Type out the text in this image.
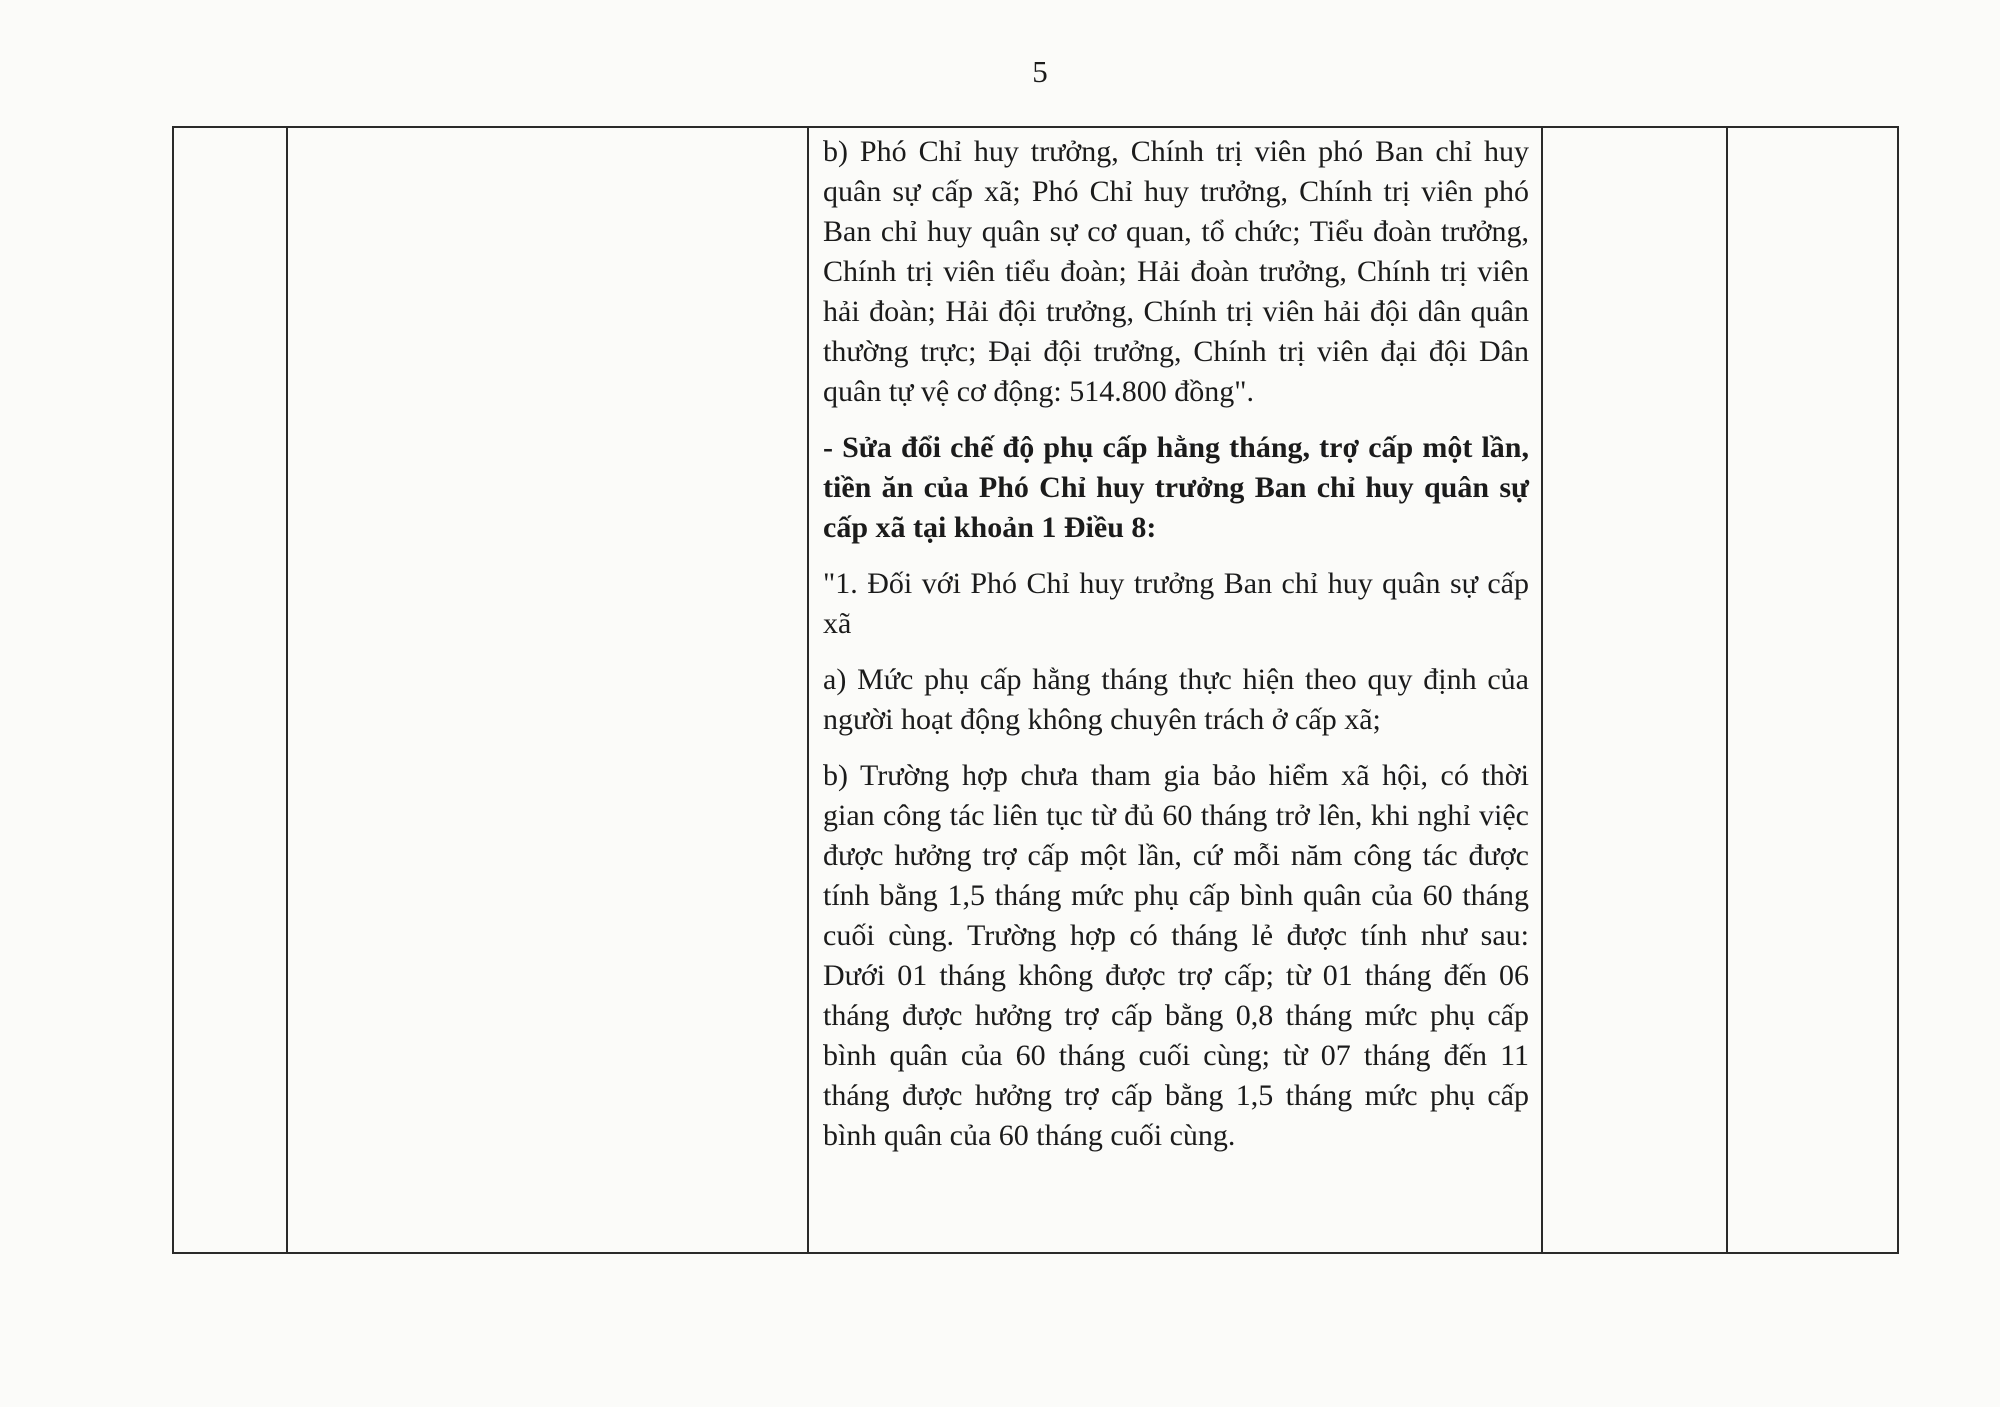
5

b) Phó Chỉ huy trưởng, Chính trị viên phó Ban chỉ huy quân sự cấp xã; Phó Chỉ huy trưởng, Chính trị viên phó Ban chỉ huy quân sự cơ quan, tổ chức; Tiểu đoàn trưởng, Chính trị viên tiểu đoàn; Hải đoàn trưởng, Chính trị viên hải đoàn; Hải đội trưởng, Chính trị viên hải đội dân quân thường trực; Đại đội trưởng, Chính trị viên đại đội Dân quân tự vệ cơ động: 514.800 đồng".

- Sửa đổi chế độ phụ cấp hằng tháng, trợ cấp một lần, tiền ăn của Phó Chỉ huy trưởng Ban chỉ huy quân sự cấp xã tại khoản 1 Điều 8:

"1. Đối với Phó Chỉ huy trưởng Ban chỉ huy quân sự cấp xã

a) Mức phụ cấp hằng tháng thực hiện theo quy định của người hoạt động không chuyên trách ở cấp xã;

b) Trường hợp chưa tham gia bảo hiểm xã hội, có thời gian công tác liên tục từ đủ 60 tháng trở lên, khi nghỉ việc được hưởng trợ cấp một lần, cứ mỗi năm công tác được tính bằng 1,5 tháng mức phụ cấp bình quân của 60 tháng cuối cùng. Trường hợp có tháng lẻ được tính như sau: Dưới 01 tháng không được trợ cấp; từ 01 tháng đến 06 tháng được hưởng trợ cấp bằng 0,8 tháng mức phụ cấp bình quân của 60 tháng cuối cùng; từ 07 tháng đến 11 tháng được hưởng trợ cấp bằng 1,5 tháng mức phụ cấp bình quân của 60 tháng cuối cùng.
